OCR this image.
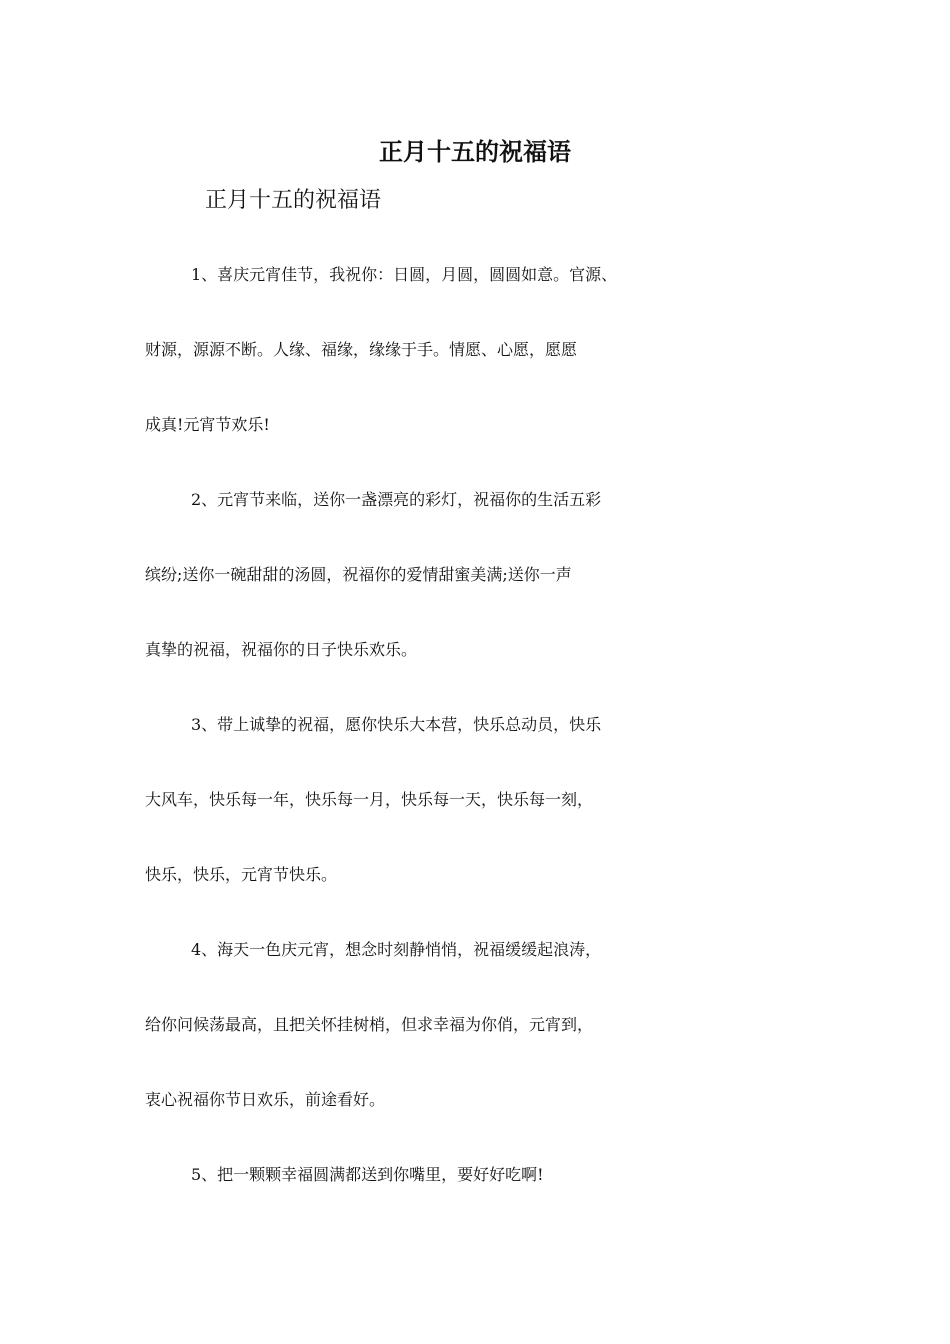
正月十五的祝福语

正月十五的祝福语

1、喜庆元宵佳节，我祝你：日圆，月圆，圆圆如意。官源、
财源，源源不断。人缘、福缘，缘缘于手。情愿、心愿，愿愿
成真!元宵节欢乐!
2、元宵节来临，送你一盏漂亮的彩灯，祝福你的生活五彩
缤纷;送你一碗甜甜的汤圆，祝福你的爱情甜蜜美满;送你一声
真挚的祝福，祝福你的日子快乐欢乐。
3、带上诚挚的祝福，愿你快乐大本营，快乐总动员，快乐
大风车，快乐每一年，快乐每一月，快乐每一天，快乐每一刻，
快乐，快乐，元宵节快乐。
4、海天一色庆元宵，想念时刻静悄悄，祝福缓缓起浪涛，
给你问候荡最高，且把关怀挂树梢，但求幸福为你俏，元宵到，
衷心祝福你节日欢乐，前途看好。
5、把一颗颗幸福圆满都送到你嘴里，要好好吃啊!
